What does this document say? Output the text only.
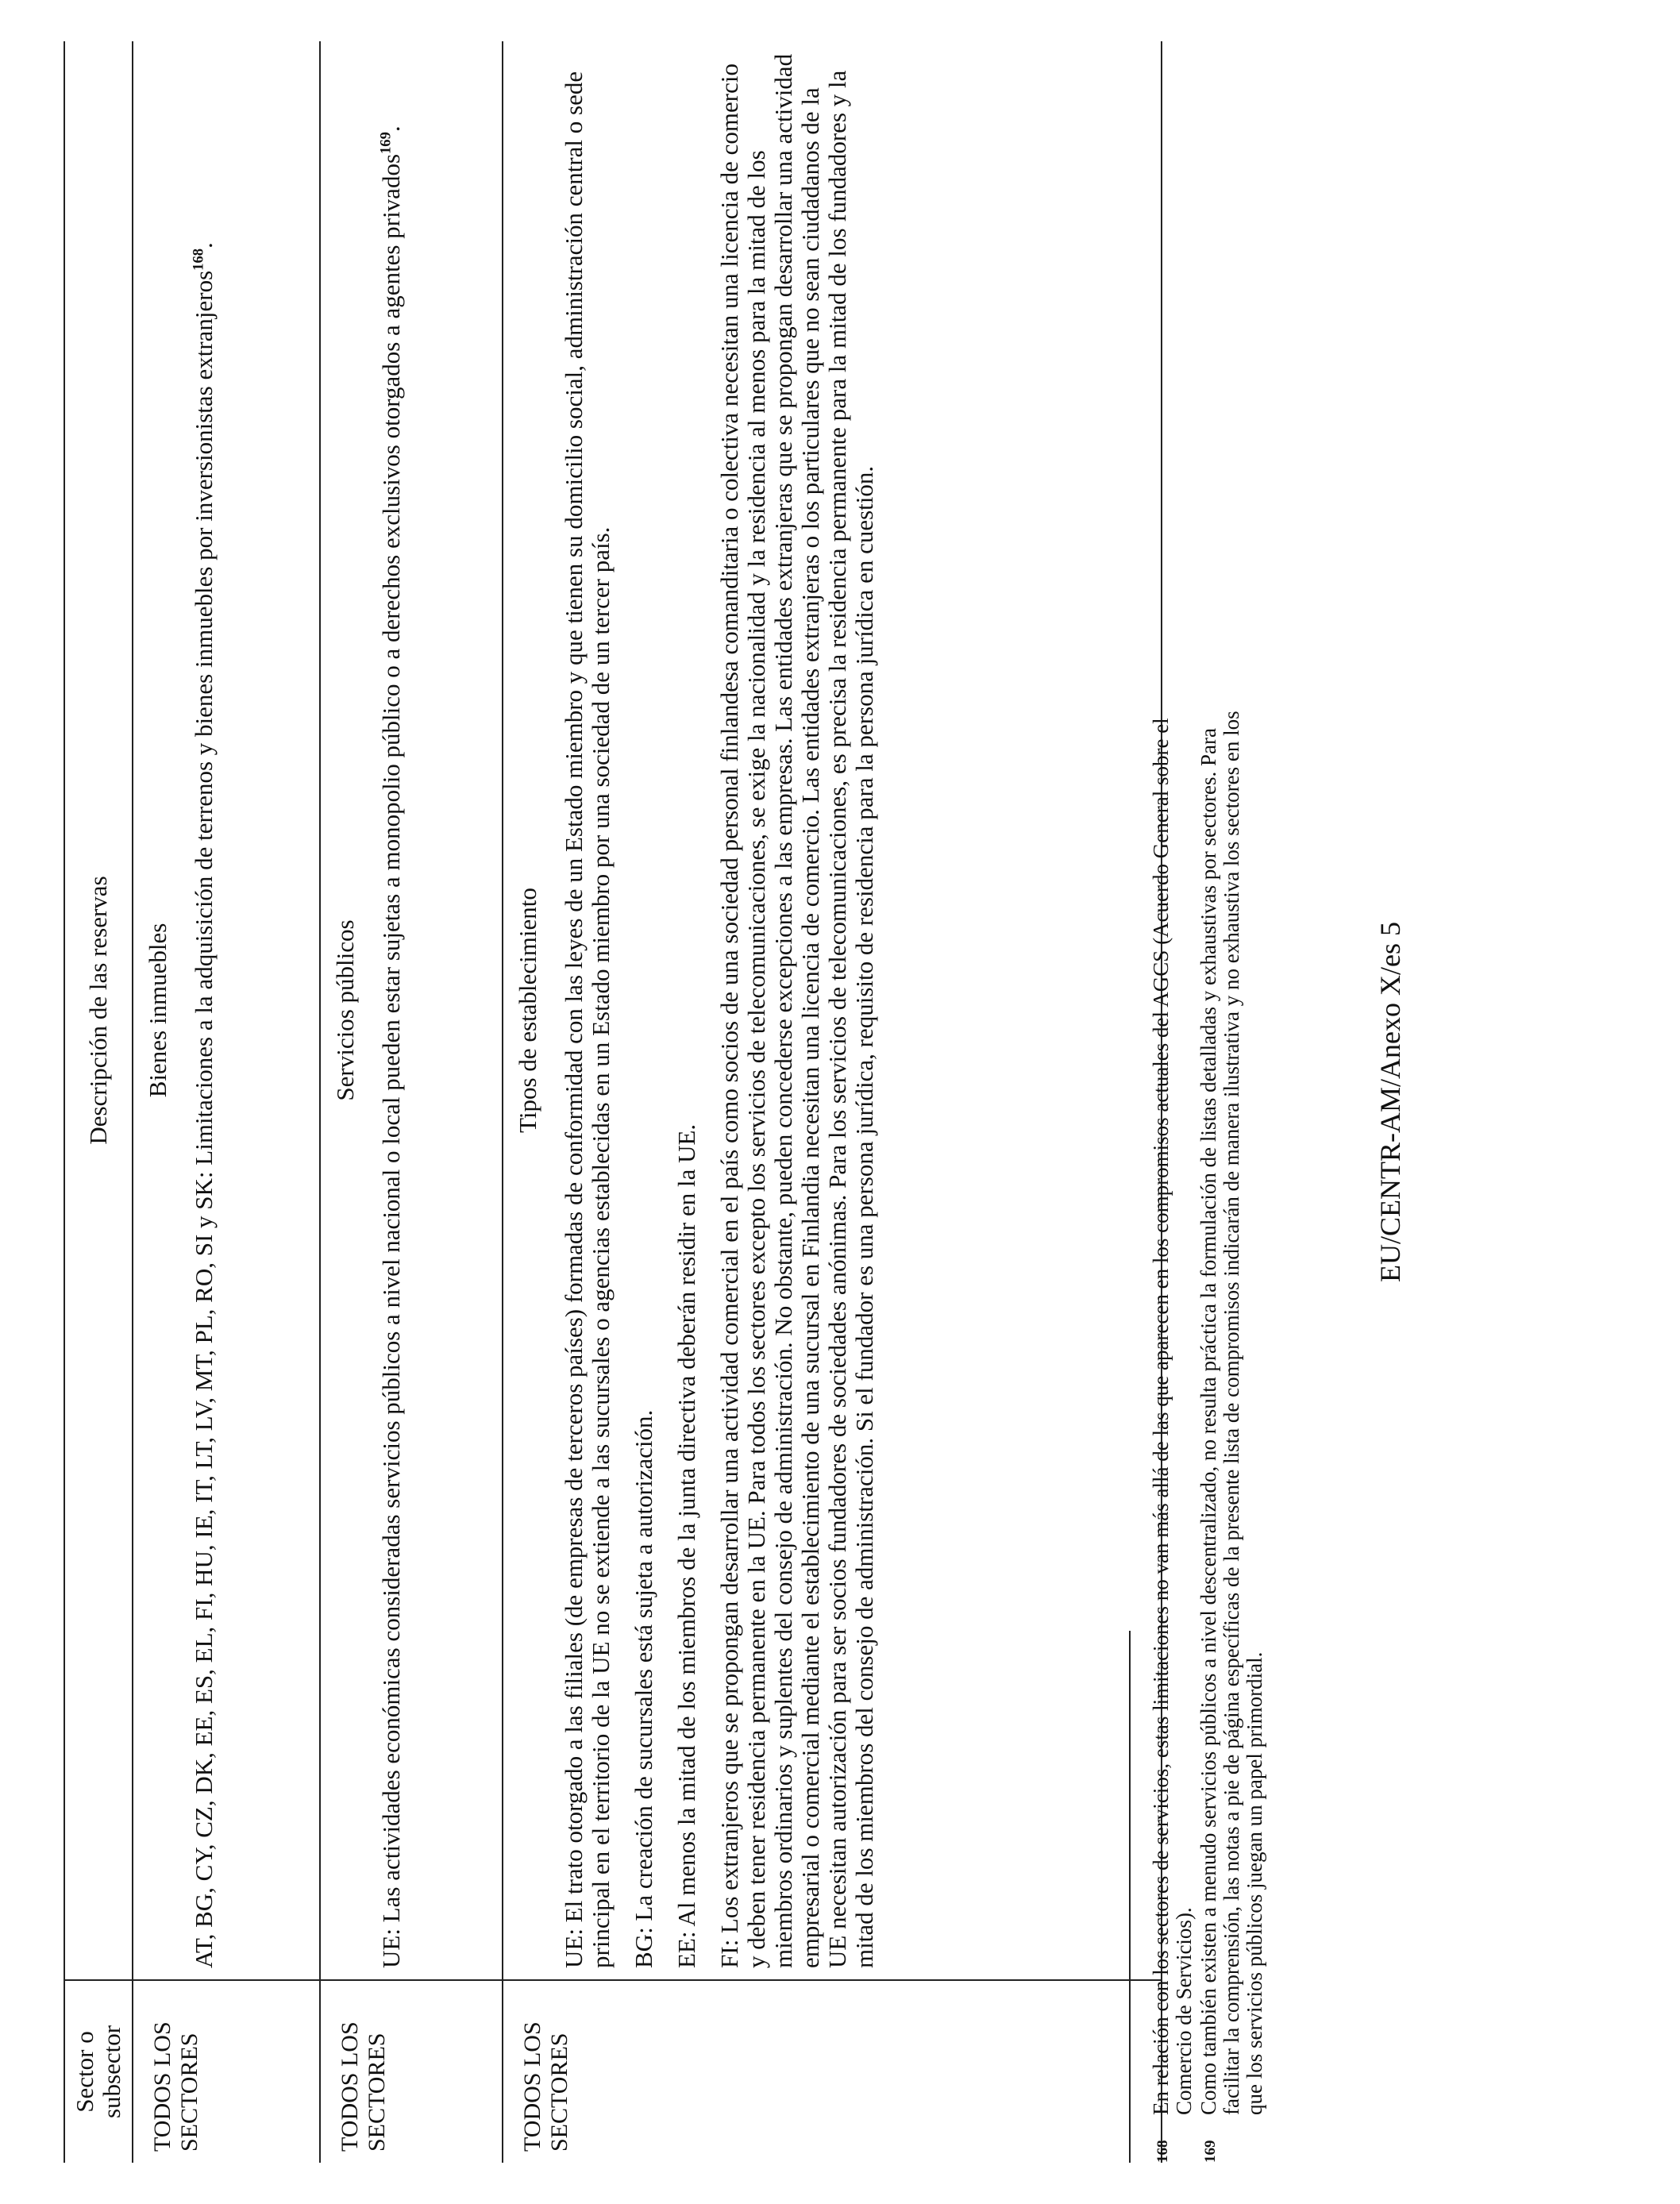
Sector o subsector	Descripción de las reservas
TODOS LOS SECTORES	Bienes inmuebles AT, BG, CY, CZ, DK, EE, ES, EL, FI, HU, IE, IT, LT, LV, MT, PL, RO, SI y SK: Limitaciones a la adquisición de terrenos y bienes inmuebles por inversionistas extranjeros$^{168}$.

TODOS LOS SECTORES	Servicios públicos UE: Las actividades económicas consideradas servicios públicos a nivel nacional o local pueden estar sujetas a monopolio público o a derechos exclusivos otorgados a agentes privados$^{169}$.

TODOS LOS SECTORES	Tipos de establecimiento UE: El trato otorgado a las filiales (de empresas de terceros países) formadas de conformidad con las leyes de un Estado miembro y que tienen su domicilio social, administración central o sede principal en el territorio de la UE no se extiende a las sucursales o agencias establecidas en un Estado miembro por una sociedad de un tercer país. BG: La creación de sucursales está sujeta a autorización. EE: Al menos la mitad de los miembros de la junta directiva deberán residir en la UE. FI: Los extranjeros que se propongan desarrollar una actividad comercial en el país como socios de una sociedad personal finlandesa comanditaria o colectiva necesitan una licencia de comercio y deben tener residencia permanente en la UE. Para todos los sectores excepto los servicios de telecomunicaciones, se exige la nacionalidad y la residencia al menos para la mitad de los miembros ordinarios y suplentes del consejo de administración. No obstante, pueden concederse excepciones a las empresas. Las entidades extranjeras que se propongan desarrollar una actividad empresarial o comercial mediante el establecimiento de una sucursal en Finlandia necesitan una licencia de comercio. Las entidades extranjeras o los particulares que no sean ciudadanos de la UE necesitan autorización para ser socios fundadores de sociedades anónimas. Para los servicios de telecomunicaciones, es precisa la residencia permanente para la mitad de los fundadores y la mitad de los miembros del consejo de administración. Si el fundador es una persona jurídica, requisito de residencia para la persona jurídica en cuestión.

168
En relación con los sectores de servicios, estas limitaciones no van más allá de las que aparecen en los compromisos actuales del AGCS (Acuerdo General sobre el Comercio de Servicios).
169
Como también existen a menudo servicios públicos a nivel descentralizado, no resulta práctica la formulación de listas detalladas y exhaustivas por sectores. Para facilitar la comprensión, las notas a pie de página específicas de la presente lista de compromisos indicarán de manera ilustrativa y no exhaustiva los sectores en los que los servicios públicos juegan un papel primordial.
EU/CENTR-AM/Anexo X/es 5
